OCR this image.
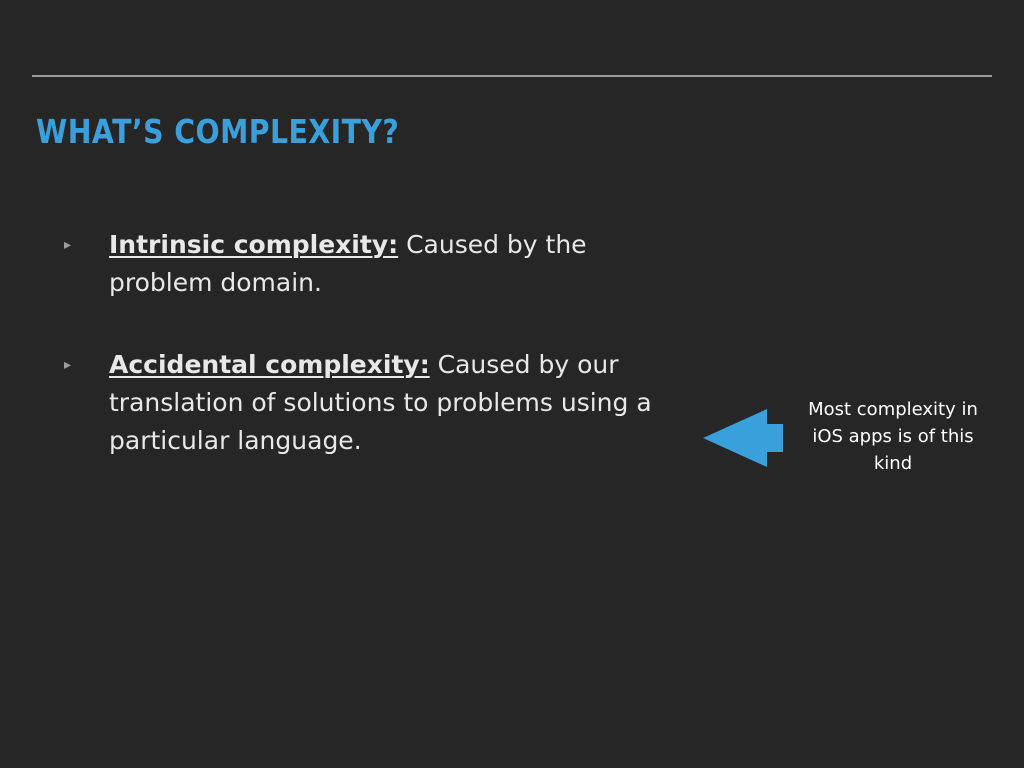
WHAT’S COMPLEXITY?
▸ Intrinsic complexity: Caused by the problem domain.
▸ Accidental complexity: Caused by our translation of solutions to problems using a particular language.

Most complexity in iOS apps is of this kind
